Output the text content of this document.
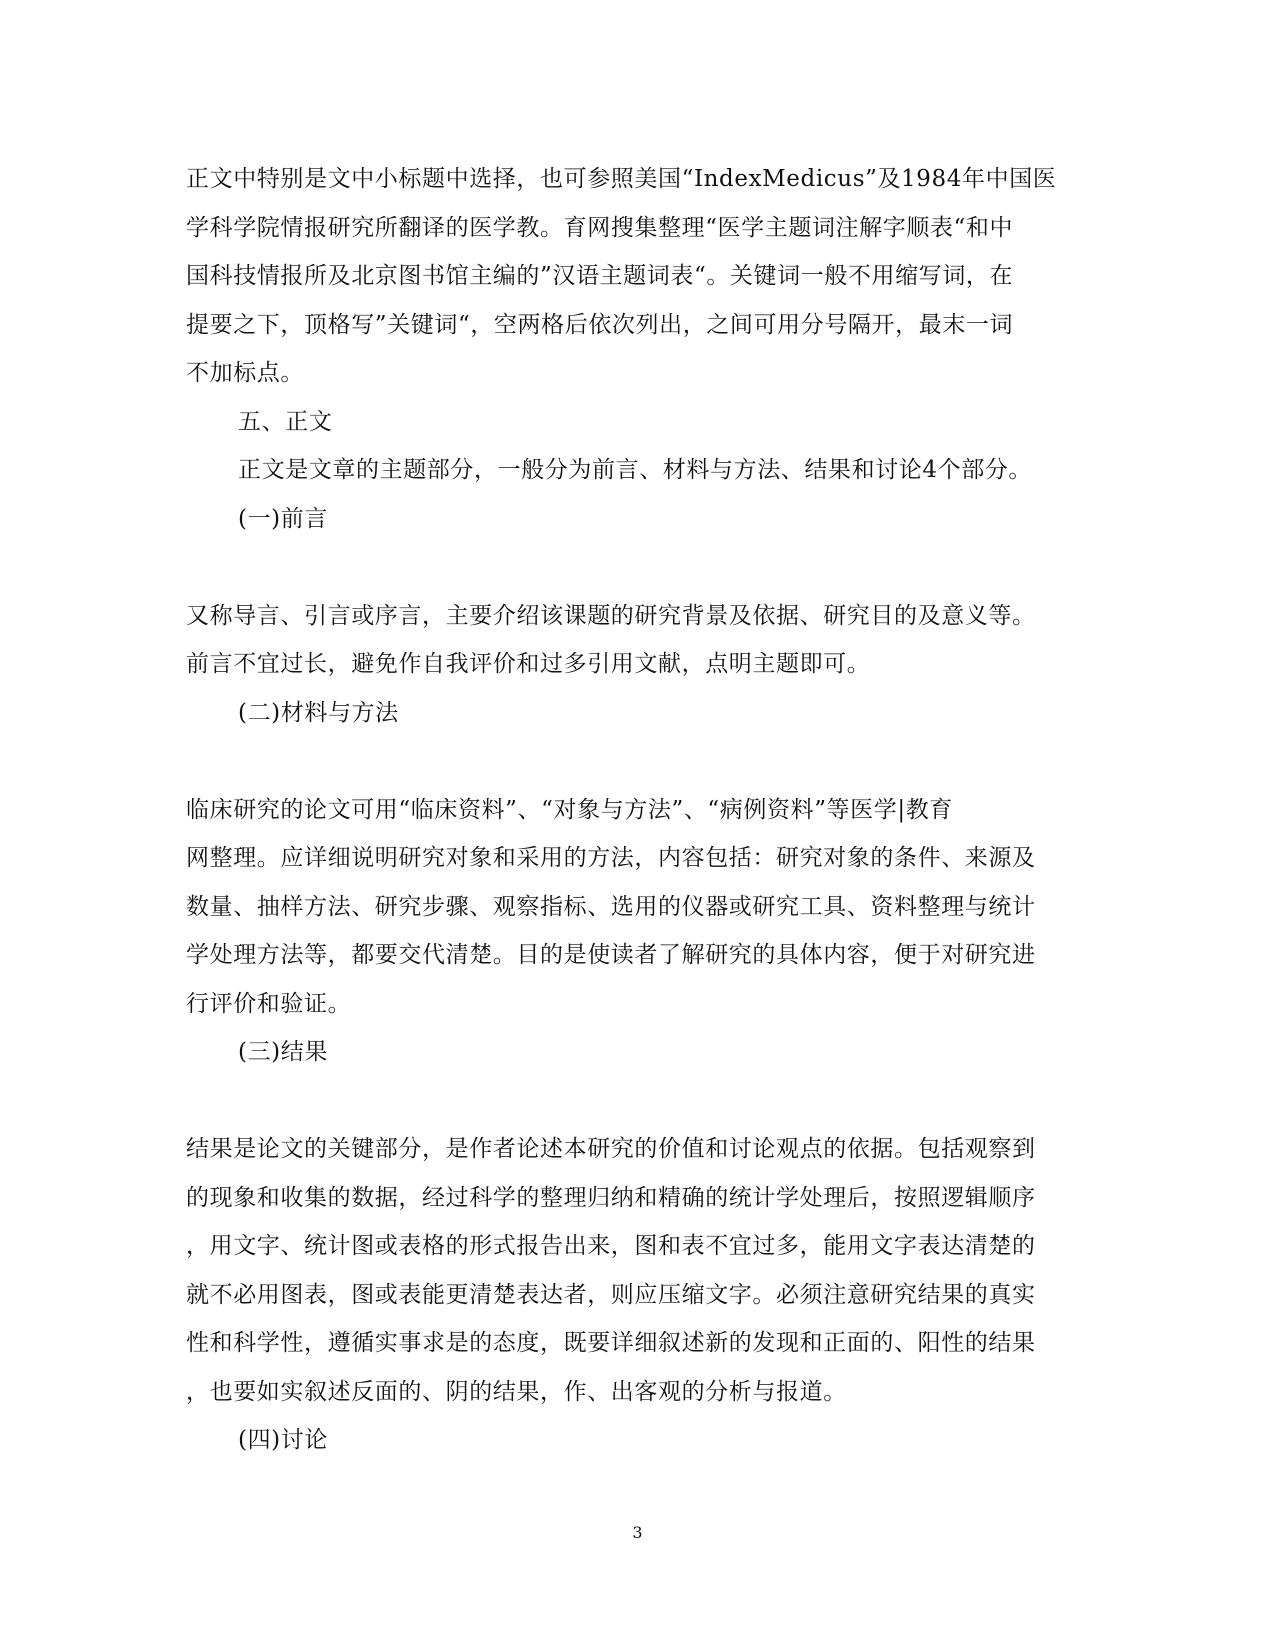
正文中特别是文中小标题中选择，也可参照美国“IndexMedicus”及1984年中国医
学科学院情报研究所翻译的医学教。育网搜集整理“医学主题词注解字顺表“和中
国科技情报所及北京图书馆主编的”汉语主题词表“。关键词一般不用缩写词，在
提要之下，顶格写”关键词“，空两格后依次列出，之间可用分号隔开，最末一词
不加标点。
五、正文
正文是文章的主题部分，一般分为前言、材料与方法、结果和讨论4个部分。
(一)前言
又称导言、引言或序言，主要介绍该课题的研究背景及依据、研究目的及意义等。
前言不宜过长，避免作自我评价和过多引用文献，点明主题即可。
(二)材料与方法
临床研究的论文可用“临床资料”、“对象与方法”、“病例资料”等医学|教育
网整理。应详细说明研究对象和采用的方法，内容包括：研究对象的条件、来源及
数量、抽样方法、研究步骤、观察指标、选用的仪器或研究工具、资料整理与统计
学处理方法等，都要交代清楚。目的是使读者了解研究的具体内容，便于对研究进
行评价和验证。
(三)结果
结果是论文的关键部分，是作者论述本研究的价值和讨论观点的依据。包括观察到
的现象和收集的数据，经过科学的整理归纳和精确的统计学处理后，按照逻辑顺序
，用文字、统计图或表格的形式报告出来，图和表不宜过多，能用文字表达清楚的
就不必用图表，图或表能更清楚表达者，则应压缩文字。必须注意研究结果的真实
性和科学性，遵循实事求是的态度，既要详细叙述新的发现和正面的、阳性的结果
，也要如实叙述反面的、阴的结果，作、出客观的分析与报道。
(四)讨论
3
